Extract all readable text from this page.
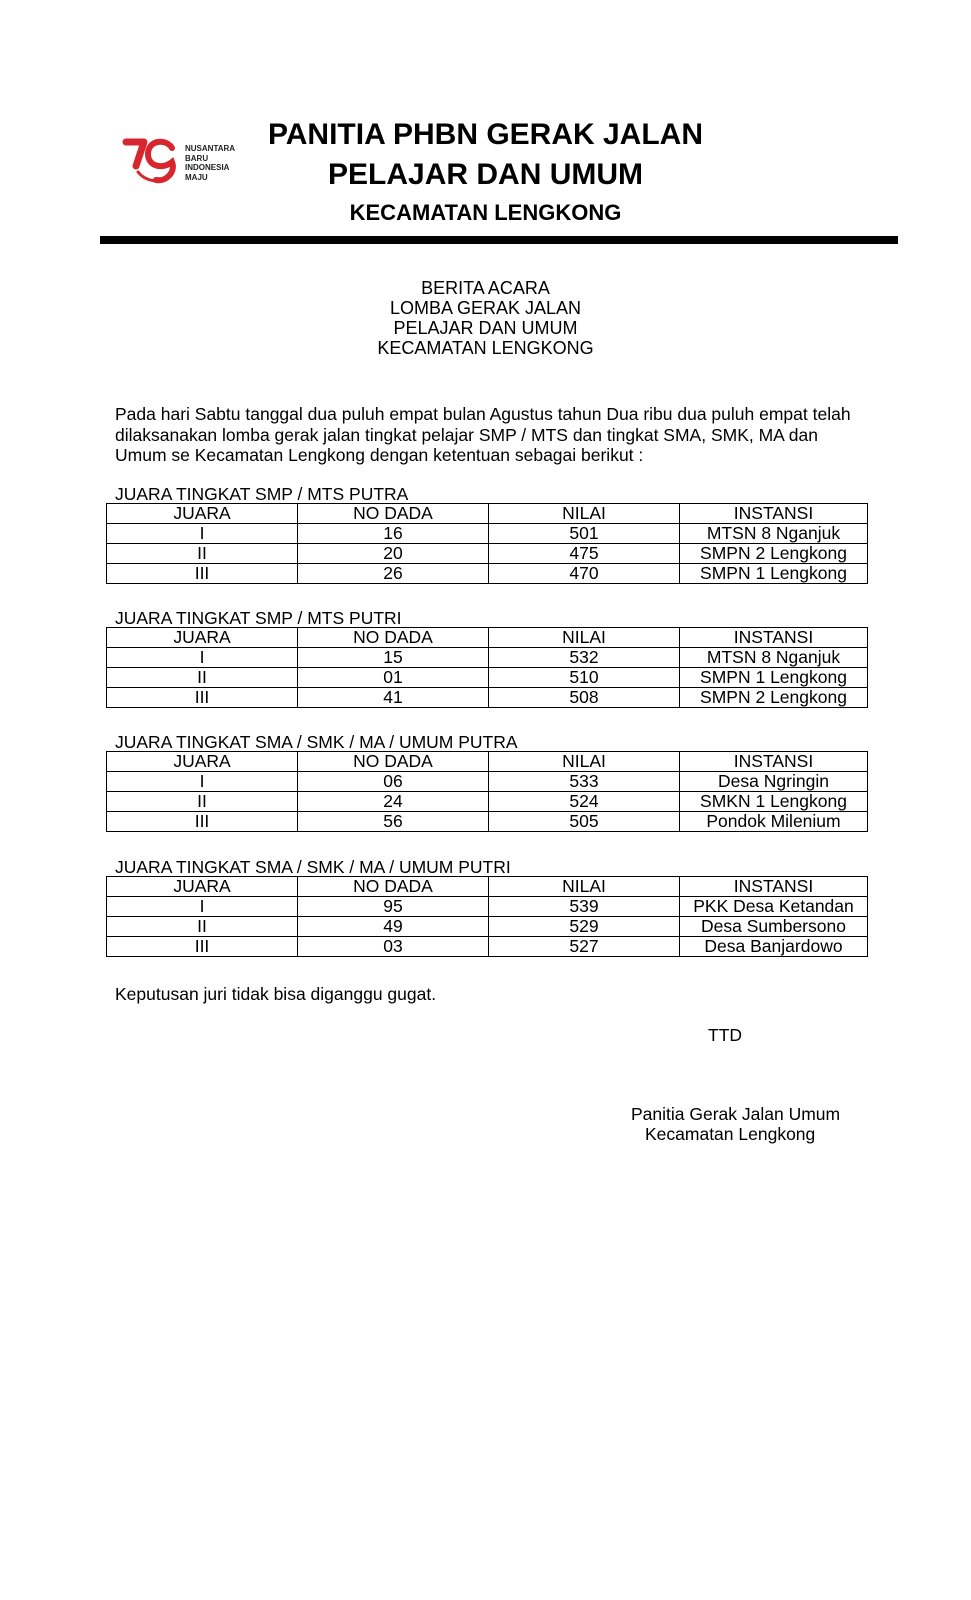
NUSANTARA
BARU
INDONESIA
MAJU
PANITIA PHBN GERAK JALAN
PELAJAR DAN UMUM
KECAMATAN LENGKONG
BERITA ACARA
LOMBA GERAK JALAN
PELAJAR DAN UMUM
KECAMATAN LENGKONG
Pada hari Sabtu tanggal dua puluh empat bulan Agustus tahun Dua ribu dua puluh empat telah
dilaksanakan lomba gerak jalan tingkat pelajar SMP / MTS dan tingkat SMA, SMK, MA dan
Umum se Kecamatan Lengkong dengan ketentuan sebagai berikut :
JUARA TINGKAT SMP / MTS PUTRA
JUARA	NO DADA	NILAI	INSTANSI
I	16	501	MTSN 8 Nganjuk
II	20	475	SMPN 2 Lengkong
III	26	470	SMPN 1 Lengkong
JUARA TINGKAT SMP / MTS PUTRI
JUARA	NO DADA	NILAI	INSTANSI
I	15	532	MTSN 8 Nganjuk
II	01	510	SMPN 1 Lengkong
III	41	508	SMPN 2 Lengkong
JUARA TINGKAT SMA / SMK / MA / UMUM PUTRA
JUARA	NO DADA	NILAI	INSTANSI
I	06	533	Desa Ngringin
II	24	524	SMKN 1 Lengkong
III	56	505	Pondok Milenium
JUARA TINGKAT SMA / SMK / MA / UMUM PUTRI
JUARA	NO DADA	NILAI	INSTANSI
I	95	539	PKK Desa Ketandan
II	49	529	Desa Sumbersono
III	03	527	Desa Banjardowo
Keputusan juri tidak bisa diganggu gugat.
TTD
Panitia Gerak Jalan Umum
Kecamatan Lengkong
